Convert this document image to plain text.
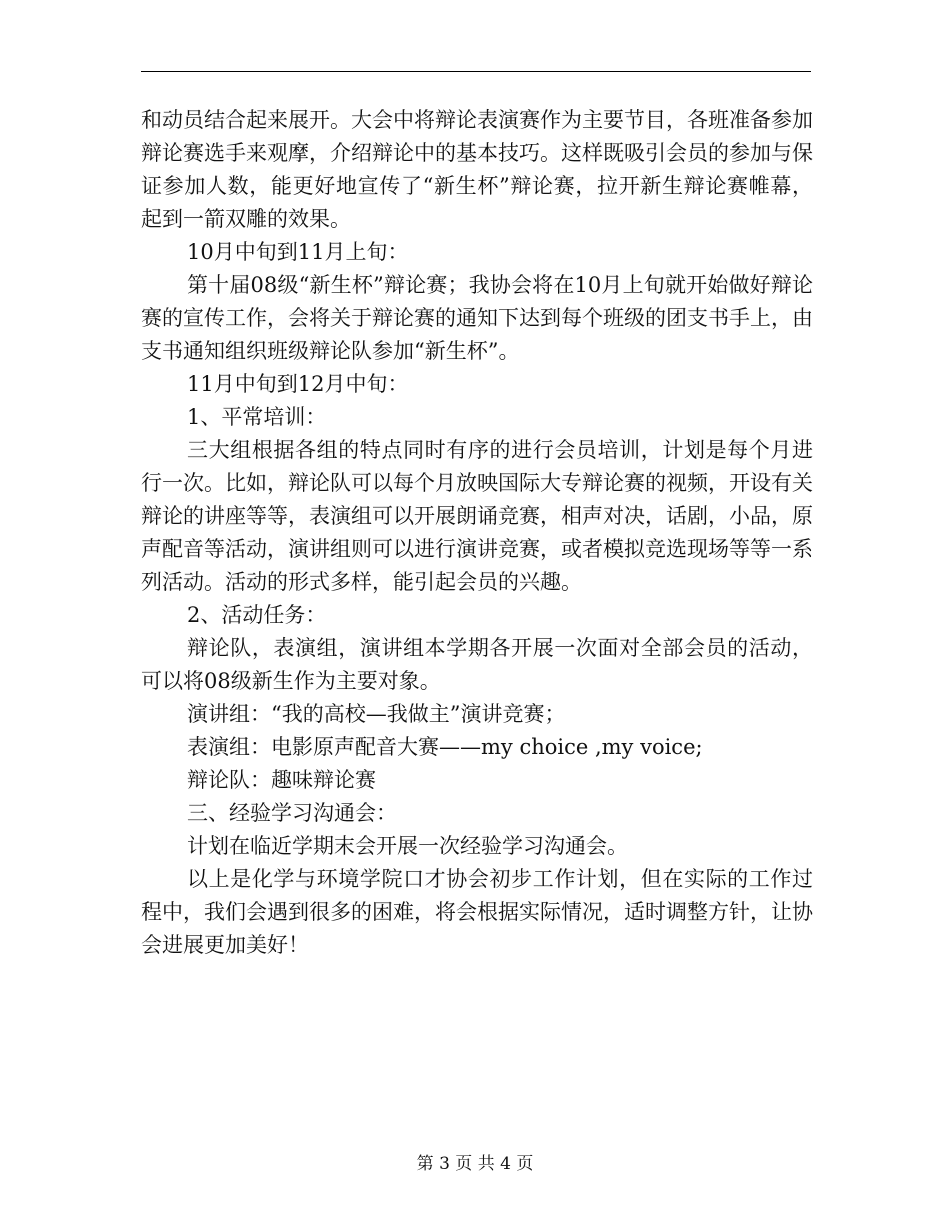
和动员结合起来展开。大会中将辩论表演赛作为主要节目，各班准备参加辩论赛选手来观摩，介绍辩论中的基本技巧。这样既吸引会员的参加与保证参加人数，能更好地宣传了“新生杯”辩论赛，拉开新生辩论赛帷幕，起到一箭双雕的效果。

10月中旬到11月上旬：

第十届08级“新生杯”辩论赛；我协会将在10月上旬就开始做好辩论赛的宣传工作，会将关于辩论赛的通知下达到每个班级的团支书手上，由支书通知组织班级辩论队参加“新生杯”。

11月中旬到12月中旬：

1、平常培训：

三大组根据各组的特点同时有序的进行会员培训，计划是每个月进行一次。比如，辩论队可以每个月放映国际大专辩论赛的视频，开设有关辩论的讲座等等，表演组可以开展朗诵竞赛，相声对决，话剧，小品，原声配音等活动，演讲组则可以进行演讲竞赛，或者模拟竞选现场等等一系列活动。活动的形式多样，能引起会员的兴趣。

2、活动任务：

辩论队，表演组，演讲组本学期各开展一次面对全部会员的活动，可以将08级新生作为主要对象。

演讲组：“我的高校—我做主”演讲竞赛；

表演组：电影原声配音大赛——my choice ,my voice;

辩论队：趣味辩论赛

三、经验学习沟通会：

计划在临近学期末会开展一次经验学习沟通会。

以上是化学与环境学院口才协会初步工作计划，但在实际的工作过程中，我们会遇到很多的困难，将会根据实际情况，适时调整方针，让协会进展更加美好！

第 3 页 共 4 页
